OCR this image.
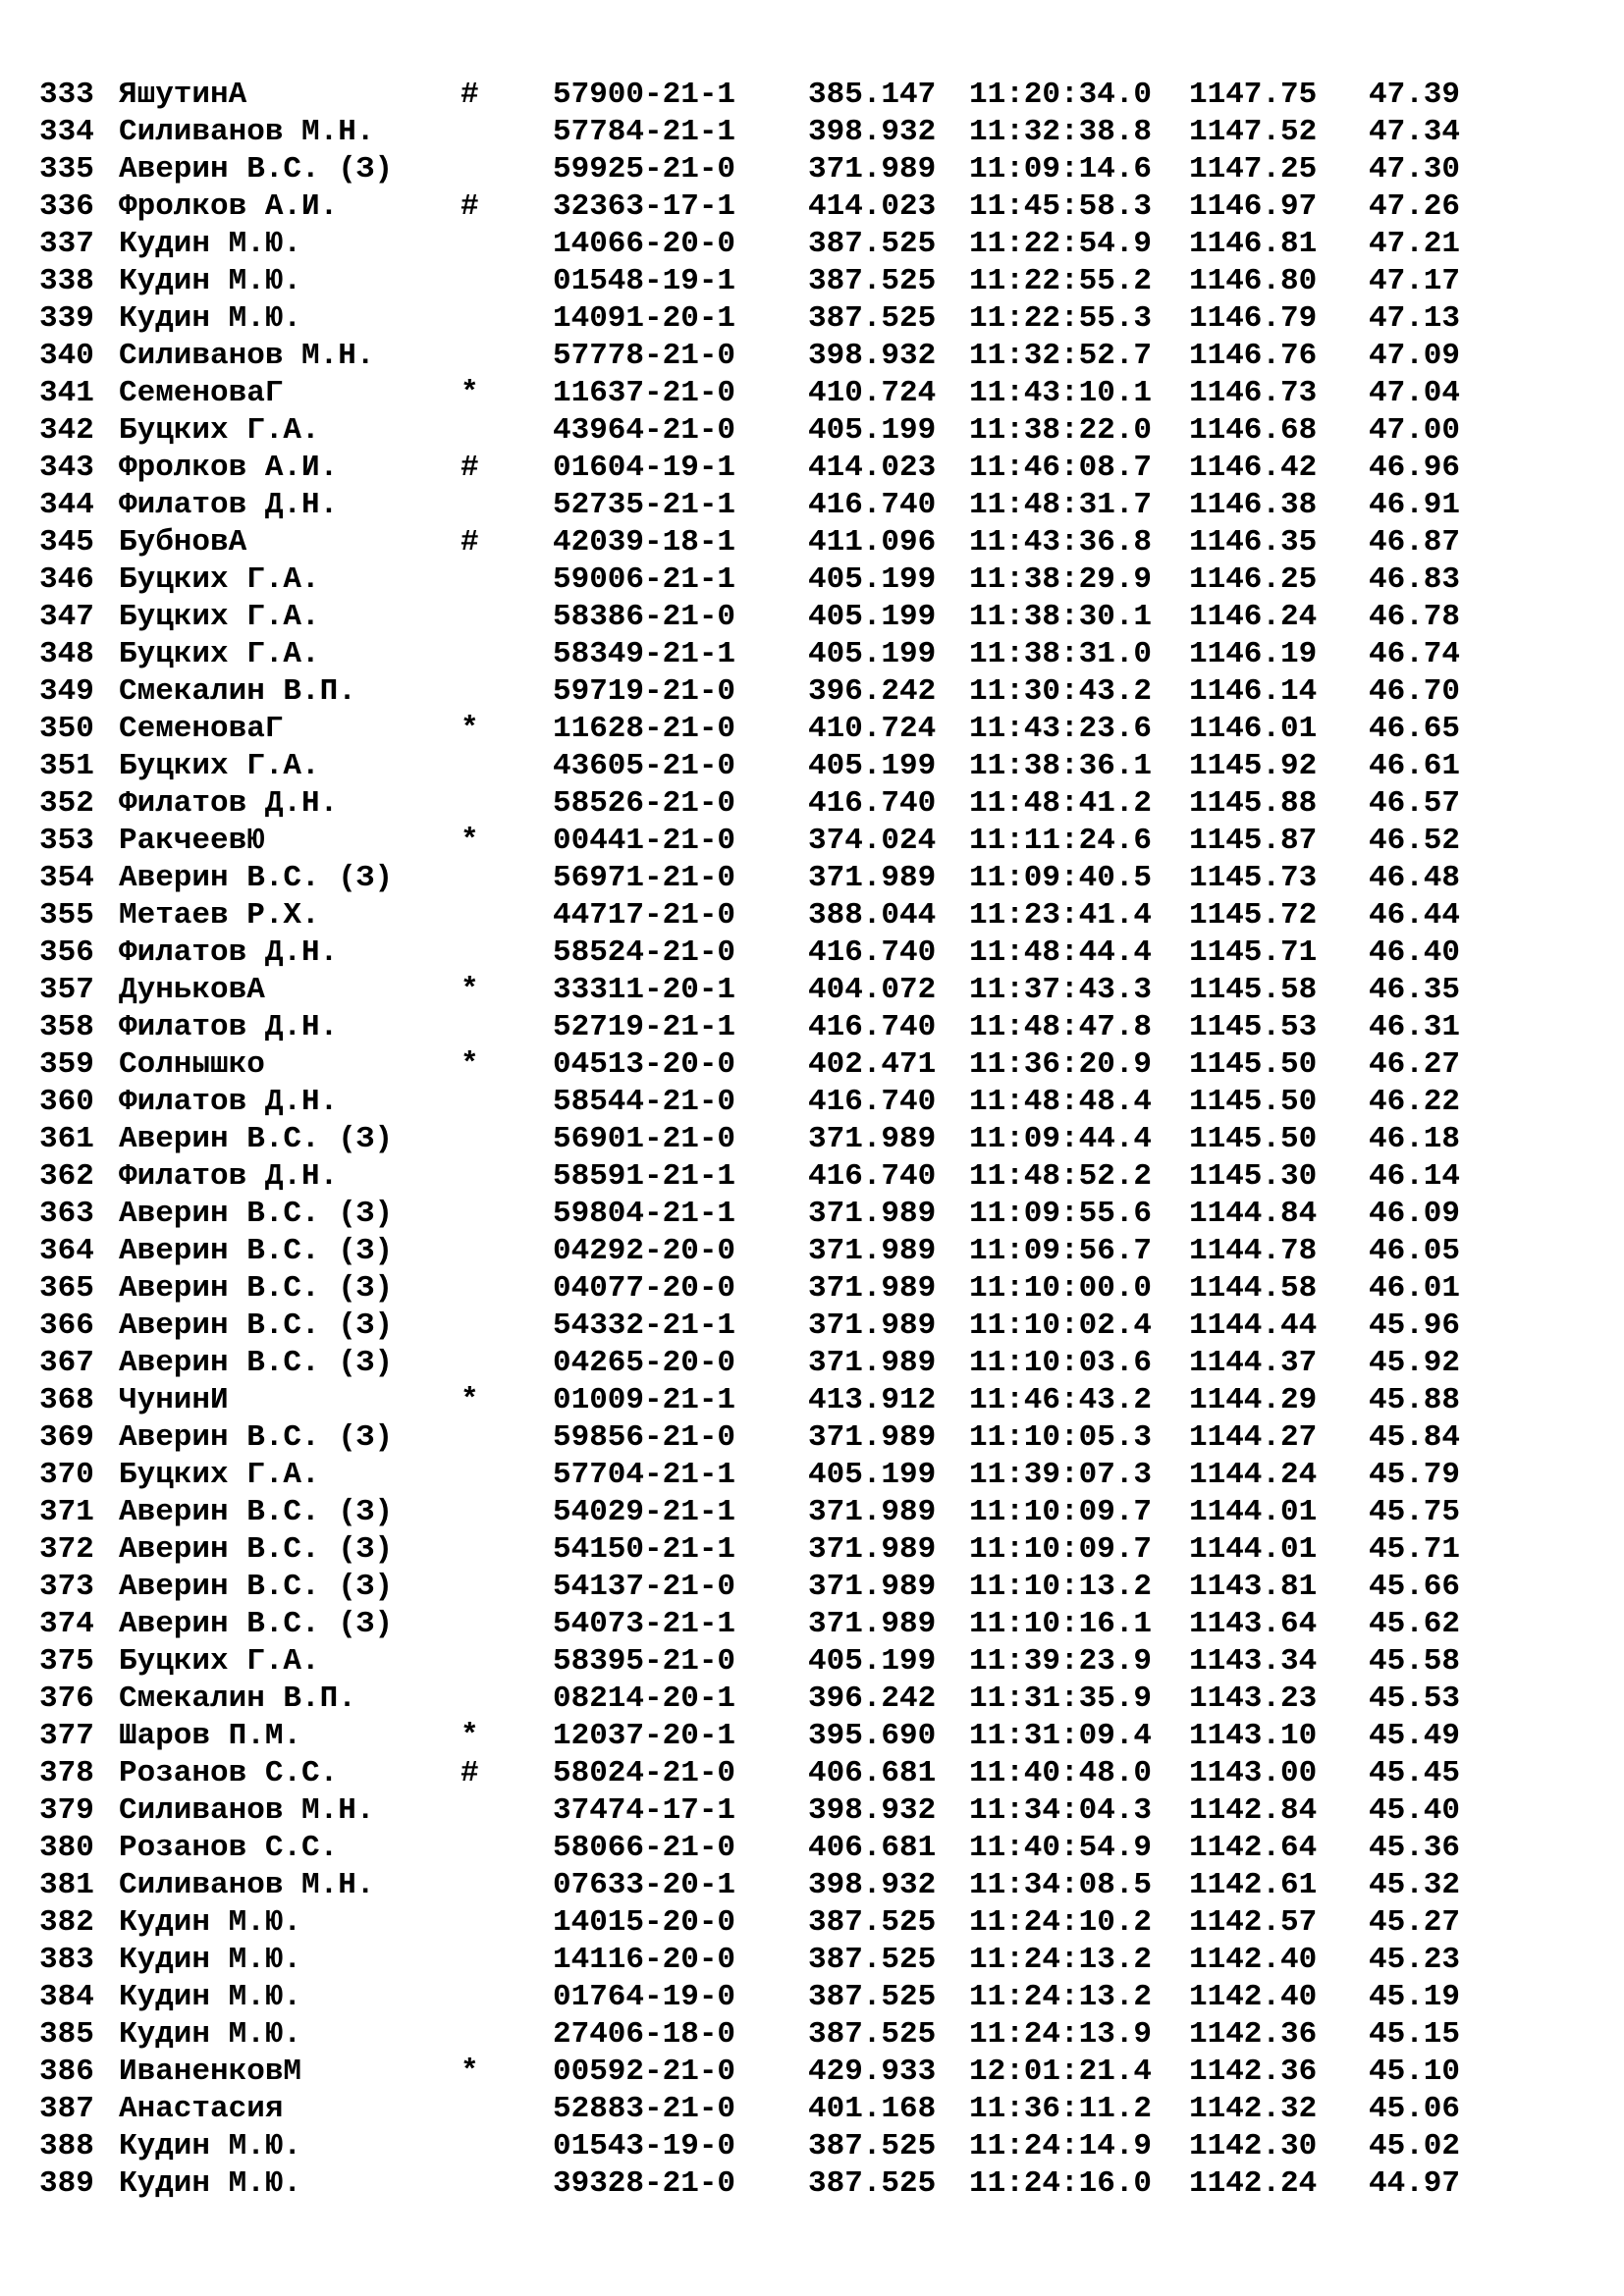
333 ЯшутинА	#	57900-21-1	385.147	11:20:34.0	1147.75	47.39
334 Силиванов М.Н.	57784-21-1	398.932	11:32:38.8	1147.52	47.34
335 Аверин В.С. (З)	59925-21-0	371.989	11:09:14.6	1147.25	47.30
336 Фролков А.И.	#	32363-17-1	414.023	11:45:58.3	1146.97	47.26
337 Кудин М.Ю.	14066-20-0	387.525	11:22:54.9	1146.81	47.21
338 Кудин М.Ю.	01548-19-1	387.525	11:22:55.2	1146.80	47.17
339 Кудин М.Ю.	14091-20-1	387.525	11:22:55.3	1146.79	47.13
340 Силиванов М.Н.	57778-21-0	398.932	11:32:52.7	1146.76	47.09
341 СеменоваГ	*	11637-21-0	410.724	11:43:10.1	1146.73	47.04
342 Буцких Г.А.	43964-21-0	405.199	11:38:22.0	1146.68	47.00
343 Фролков А.И.	#	01604-19-1	414.023	11:46:08.7	1146.42	46.96
344 Филатов Д.Н.	52735-21-1	416.740	11:48:31.7	1146.38	46.91
345 БубновА	#	42039-18-1	411.096	11:43:36.8	1146.35	46.87
346 Буцких Г.А.	59006-21-1	405.199	11:38:29.9	1146.25	46.83
347 Буцких Г.А.	58386-21-0	405.199	11:38:30.1	1146.24	46.78
348 Буцких Г.А.	58349-21-1	405.199	11:38:31.0	1146.19	46.74
349 Смекалин В.П.	59719-21-0	396.242	11:30:43.2	1146.14	46.70
350 СеменоваГ	*	11628-21-0	410.724	11:43:23.6	1146.01	46.65
351 Буцких Г.А.	43605-21-0	405.199	11:38:36.1	1145.92	46.61
352 Филатов Д.Н.	58526-21-0	416.740	11:48:41.2	1145.88	46.57
353 РакчеевЮ	*	00441-21-0	374.024	11:11:24.6	1145.87	46.52
354 Аверин В.С. (З)	56971-21-0	371.989	11:09:40.5	1145.73	46.48
355 Метаев Р.Х.	44717-21-0	388.044	11:23:41.4	1145.72	46.44
356 Филатов Д.Н.	58524-21-0	416.740	11:48:44.4	1145.71	46.40
357 ДуньковА	*	33311-20-1	404.072	11:37:43.3	1145.58	46.35
358 Филатов Д.Н.	52719-21-1	416.740	11:48:47.8	1145.53	46.31
359 Солнышко	*	04513-20-0	402.471	11:36:20.9	1145.50	46.27
360 Филатов Д.Н.	58544-21-0	416.740	11:48:48.4	1145.50	46.22
361 Аверин В.С. (З)	56901-21-0	371.989	11:09:44.4	1145.50	46.18
362 Филатов Д.Н.	58591-21-1	416.740	11:48:52.2	1145.30	46.14
363 Аверин В.С. (З)	59804-21-1	371.989	11:09:55.6	1144.84	46.09
364 Аверин В.С. (З)	04292-20-0	371.989	11:09:56.7	1144.78	46.05
365 Аверин В.С. (З)	04077-20-0	371.989	11:10:00.0	1144.58	46.01
366 Аверин В.С. (З)	54332-21-1	371.989	11:10:02.4	1144.44	45.96
367 Аверин В.С. (З)	04265-20-0	371.989	11:10:03.6	1144.37	45.92
368 ЧунинИ	*	01009-21-1	413.912	11:46:43.2	1144.29	45.88
369 Аверин В.С. (З)	59856-21-0	371.989	11:10:05.3	1144.27	45.84
370 Буцких Г.А.	57704-21-1	405.199	11:39:07.3	1144.24	45.79
371 Аверин В.С. (З)	54029-21-1	371.989	11:10:09.7	1144.01	45.75
372 Аверин В.С. (З)	54150-21-1	371.989	11:10:09.7	1144.01	45.71
373 Аверин В.С. (З)	54137-21-0	371.989	11:10:13.2	1143.81	45.66
374 Аверин В.С. (З)	54073-21-1	371.989	11:10:16.1	1143.64	45.62
375 Буцких Г.А.	58395-21-0	405.199	11:39:23.9	1143.34	45.58
376 Смекалин В.П.	08214-20-1	396.242	11:31:35.9	1143.23	45.53
377 Шаров П.М.	*	12037-20-1	395.690	11:31:09.4	1143.10	45.49
378 Розанов С.С.	#	58024-21-0	406.681	11:40:48.0	1143.00	45.45
379 Силиванов М.Н.	37474-17-1	398.932	11:34:04.3	1142.84	45.40
380 Розанов С.С.	58066-21-0	406.681	11:40:54.9	1142.64	45.36
381 Силиванов М.Н.	07633-20-1	398.932	11:34:08.5	1142.61	45.32
382 Кудин М.Ю.	14015-20-0	387.525	11:24:10.2	1142.57	45.27
383 Кудин М.Ю.	14116-20-0	387.525	11:24:13.2	1142.40	45.23
384 Кудин М.Ю.	01764-19-0	387.525	11:24:13.2	1142.40	45.19
385 Кудин М.Ю.	27406-18-0	387.525	11:24:13.9	1142.36	45.15
386 ИваненковМ	*	00592-21-0	429.933	12:01:21.4	1142.36	45.10
387 Анастасия	52883-21-0	401.168	11:36:11.2	1142.32	45.06
388 Кудин М.Ю.	01543-19-0	387.525	11:24:14.9	1142.30	45.02
389 Кудин М.Ю.	39328-21-0	387.525	11:24:16.0	1142.24	44.97
